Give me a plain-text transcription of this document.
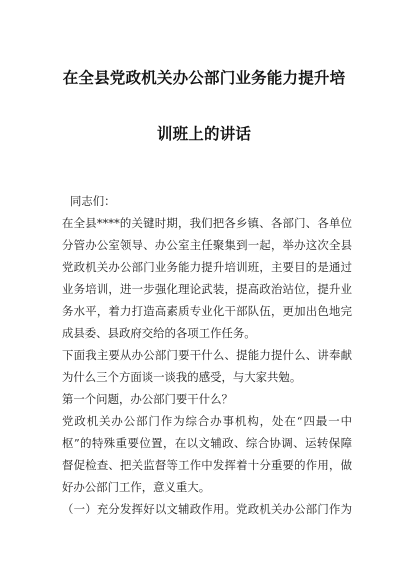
在全县党政机关办公部门业务能力提升培
训班上的讲话
同志们：
在全县****的关键时期，我们把各乡镇、各部门、各单位
分管办公室领导、办公室主任聚集到一起，举办这次全县
党政机关办公部门业务能力提升培训班，主要目的是通过
业务培训，进一步强化理论武装，提高政治站位，提升业
务水平，着力打造高素质专业化干部队伍，更加出色地完
成县委、县政府交给的各项工作任务。
下面我主要从办公部门要干什么、提能力提什么、讲奉献
为什么三个方面谈一谈我的感受，与大家共勉。
第一个问题，办公部门要干什么？
党政机关办公部门作为综合办事机构，处在“四最一中
枢”的特殊重要位置，在以文辅政、综合协调、运转保障
督促检查、把关监督等工作中发挥着十分重要的作用，做
好办公部门工作，意义重大。
（一）充分发挥好以文辅政作用。党政机关办公部门作为
